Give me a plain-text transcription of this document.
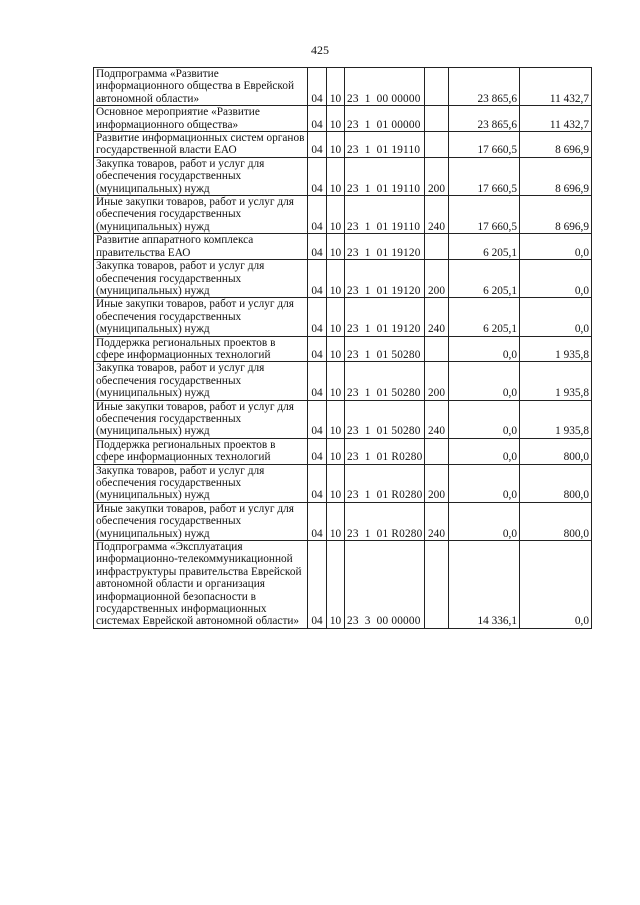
425
Подпрограмма «Развитие информационного общества в Еврейской автономной области»	04	10	23  1  00 00000		23 865,6	11 432,7
Основное мероприятие «Развитие информационного общества»	04	10	23  1  01 00000		23 865,6	11 432,7
Развитие информационных систем органов государственной власти ЕАО	04	10	23  1  01 19110		17 660,5	8 696,9
Закупка товаров, работ и услуг для обеспечения государственных (муниципальных) нужд	04	10	23  1  01 19110	200	17 660,5	8 696,9
Иные закупки товаров, работ и услуг для обеспечения государственных (муниципальных) нужд	04	10	23  1  01 19110	240	17 660,5	8 696,9
Развитие аппаратного комплекса правительства ЕАО	04	10	23  1  01 19120		6 205,1	0,0
Закупка товаров, работ и услуг для обеспечения государственных (муниципальных) нужд	04	10	23  1  01 19120	200	6 205,1	0,0
Иные закупки товаров, работ и услуг для обеспечения государственных (муниципальных) нужд	04	10	23  1  01 19120	240	6 205,1	0,0
Поддержка региональных проектов в сфере информационных технологий	04	10	23  1  01 50280		0,0	1 935,8
Закупка товаров, работ и услуг для обеспечения государственных (муниципальных) нужд	04	10	23  1  01 50280	200	0,0	1 935,8
Иные закупки товаров, работ и услуг для обеспечения государственных (муниципальных) нужд	04	10	23  1  01 50280	240	0,0	1 935,8
Поддержка региональных проектов в сфере информационных технологий	04	10	23  1  01 R0280		0,0	800,0
Закупка товаров, работ и услуг для обеспечения государственных (муниципальных) нужд	04	10	23  1  01 R0280	200	0,0	800,0
Иные закупки товаров, работ и услуг для обеспечения государственных (муниципальных) нужд	04	10	23  1  01 R0280	240	0,0	800,0
Подпрограмма «Эксплуатация информационно-телекоммуникационной инфраструктуры правительства Еврейской автономной области и организация информационной безопасности в государственных информационных системах Еврейской автономной области»	04	10	23  3  00 00000		14 336,1	0,0
